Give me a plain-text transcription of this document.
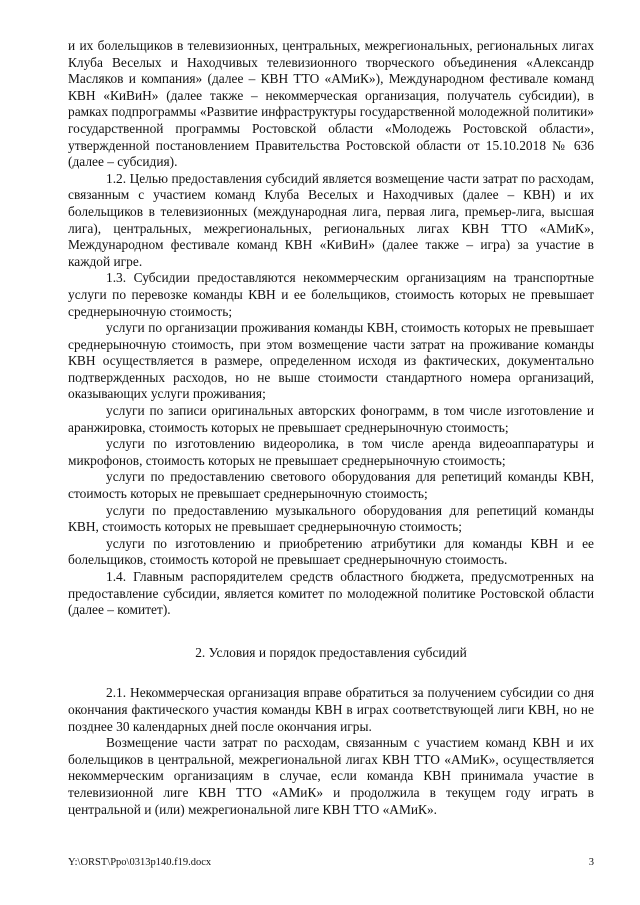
и их болельщиков в телевизионных, центральных, межрегиональных, региональных лигах Клуба Веселых и Находчивых телевизионного творческого объединения «Александр Масляков и компания» (далее – КВН ТТО «АМиК»), Международном фестивале команд КВН «КиВиН» (далее также – некоммерческая организация, получатель субсидии), в рамках подпрограммы «Развитие инфраструктуры государственной молодежной политики» государственной программы Ростовской области «Молодежь Ростовской области», утвержденной постановлением Правительства Ростовской области от 15.10.2018 № 636 (далее – субсидия).

1.2. Целью предоставления субсидий является возмещение части затрат по расходам, связанным с участием команд Клуба Веселых и Находчивых (далее – КВН) и их болельщиков в телевизионных (международная лига, первая лига, премьер-лига, высшая лига), центральных, межрегиональных, региональных лигах КВН ТТО «АМиК», Международном фестивале команд КВН «КиВиН» (далее также – игра) за участие в каждой игре.

1.3. Субсидии предоставляются некоммерческим организациям на транспортные услуги по перевозке команды КВН и ее болельщиков, стоимость которых не превышает среднерыночную стоимость;

услуги по организации проживания команды КВН, стоимость которых не превышает среднерыночную стоимость, при этом возмещение части затрат на проживание команды КВН осуществляется в размере, определенном исходя из фактических, документально подтвержденных расходов, но не выше стоимости стандартного номера организаций, оказывающих услуги проживания;

услуги по записи оригинальных авторских фонограмм, в том числе изготовление и аранжировка, стоимость которых не превышает среднерыночную стоимость;

услуги по изготовлению видеоролика, в том числе аренда видеоаппаратуры и микрофонов, стоимость которых не превышает среднерыночную стоимость;

услуги по предоставлению светового оборудования для репетиций команды КВН, стоимость которых не превышает среднерыночную стоимость;

услуги по предоставлению музыкального оборудования для репетиций команды КВН, стоимость которых не превышает среднерыночную стоимость;

услуги по изготовлению и приобретению атрибутики для команды КВН и ее болельщиков, стоимость которой не превышает среднерыночную стоимость.

1.4. Главным распорядителем средств областного бюджета, предусмотренных на предоставление субсидии, является комитет по молодежной политике Ростовской области (далее – комитет).

2. Условия и порядок предоставления субсидий

2.1. Некоммерческая организация вправе обратиться за получением субсидии со дня окончания фактического участия команды КВН в играх соответствующей лиги КВН, но не позднее 30 календарных дней после окончания игры.

Возмещение части затрат по расходам, связанным с участием команд КВН и их болельщиков в центральной, межрегиональной лигах КВН ТТО «АМиК», осуществляется некоммерческим организациям в случае, если команда КВН принимала участие в телевизионной лиге КВН ТТО «АМиК» и продолжила в текущем году играть в центральной и (или) межрегиональной лиге КВН ТТО «АМиК».

Y:\ORST\Ppo\0313p140.f19.docx	3
